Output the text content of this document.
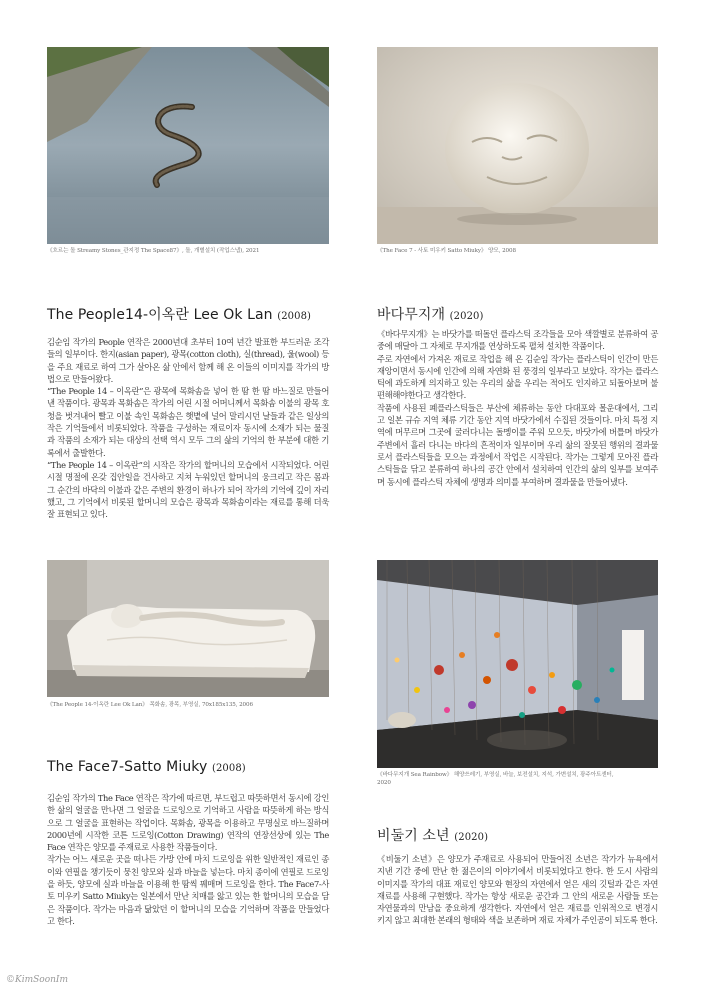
《흐르는 돌 Streamy Stones_관지정 The Space87》, 돌, 개별설치 (작업스냅), 2021	《The Face 7 - 사토 미우키 Satto Miuky》 양모, 2008
The People14-이옥란 Lee Ok Lan (2008)

김순임 작가의 People 연작은 2000년대 초부터 10여 년간 발표한 부드러운 조각들의 일부이다. 한지(asian paper), 광목(cotton cloth), 실(thread), 울(wool) 등을 주요 재료로 하여 그가 살아온 삶 안에서 함께 해 온 이들의 이미지를 작가의 방법으로 만들어왔다.

“The People 14 – 이옥란”은 광목에 목화솜을 넣어 한 땀 한 땀 바느질로 만들어낸 작품이다. 광목과 목화솜은 작가의 어린 시절 어머니께서 목화솜 이불의 광목 호청을 벗겨내어 빨고 이불 속인 목화솜은 햇볕에 널어 말리시던 날들과 같은 일상의 작은 기억들에서 비롯되었다. 작품을 구성하는 재료이자 동시에 소재가 되는 물질과 작품의 소재가 되는 대상의 선택 역시 모두 그의 삶의 기억의 한 부분에 대한 기록에서 출발한다.

“The People 14 – 이옥란”의 시작은 작가의 할머니의 모습에서 시작되었다. 어린 시절 명절에 온갖 집안일을 건사하고 지쳐 누워있던 할머니의 웅크리고 작은 몸과 그 순간의 바닥의 이불과 같은 주변의 환경이 하나가 되어 작가의 기억에 깊이 자리했고, 그 기억에서 비롯된 할머니의 모습은 광목과 목화솜이라는 재료를 통해 더욱 잘 표현되고 있다.

바다무지개 (2020)

《바다무지개》는 바닷가를 떠돌던 플라스틱 조각들을 모아 색깔별로 분류하여 공중에 매달아 그 자체로 무지개를 연상하도록 펼쳐 설치한 작품이다.

주로 자연에서 가져온 재료로 작업을 해 온 김순임 작가는 플라스틱이 인간이 만든 재앙이면서 동시에 인간에 의해 자연화 된 풍경의 일부라고 보았다. 작가는 플라스틱에 과도하게 의지하고 있는 우리의 삶을 우리는 적어도 인지하고 되돌아보며 불편해해야한다고 생각한다.

작품에 사용된 폐플라스틱들은 부산에 체류하는 동안 다대포와 몰운대에서, 그리고 일본 규슈 지역 체류 기간 동안 지역 바닷가에서 수집된 것들이다. 마치 특정 지역에 머무르며 그곳에 굴러다니는 돌멩이를 주워 모으듯, 바닷가에 버틀며 바닷가 주변에서 흘러 다니는 바다의 흔적이자 일부이며 우리 삶의 잘못된 행위의 결과물로서 플라스틱들을 모으는 과정에서 작업은 시작된다. 작가는 그렇게 모아진 플라스틱들을 닦고 분류하여 하나의 공간 안에서 설치하여 인간의 삶의 일부를 보여주며 동시에 플라스틱 자체에 생명과 의미를 부여하며 결과물을 만들어냈다.

《The People 14-이옥란 Lee Ok Lan》 목화솜, 광목, 부영실, 70x185x135, 2006
《바다무지개 Sea Rainbow》 해양쓰레기, 부영실, 바늘, 보전설치, 지석, 가변설치, 광주아트센터, 2020
The Face7-Satto Miuky (2008)

김순임 작가의 The Face 연작은 작가에 따르면, 부드럽고 따뜻하면서 동시에 강인한 삶의 얼굴을 만나면 그 얼굴을 드로잉으로 기억하고 사람을 따뜻하게 하는 방식으로 그 얼굴을 표현하는 작업이다. 목화솜, 광목을 이용하고 무명실로 바느질하며 2000년에 시작한 코튼 드로잉(Cotton Drawing) 연작의 연장선상에 있는 The Face 연작은 양모를 주재료로 사용한 작품들이다.

작가는 어느 새로운 곳을 떠나든 가방 안에 마치 드로잉을 위한 일반적인 재료인 종이와 연필을 챙기듯이 뭉친 양모와 실과 바늘을 넣는다. 마치 종이에 연필로 드로잉을 하듯, 양모에 실과 바늘을 이용해 한 땀씩 꿰매며 드로잉을 한다. The Face7-사토 미우키 Satto Miuky는 일본에서 만난 치매를 앓고 있는 한 할머니의 모습을 담은 작품이다. 작가는 마음과 닮았던 이 할머니의 모습을 기억하며 작품을 만들었다고 한다.

비둘기 소년 (2020)

《비둘기 소년》은 양모가 주재료로 사용되어 만들어진 소년은 작가가 뉴욕에서 지낸 기간 중에 만난 한 젊은이의 이야기에서 비롯되었다고 한다. 한 도시 사람의 이미지를 작가의 대표 재료인 양모와 현장의 자연에서 얻은 새의 깃털과 같은 자연 재료를 사용해 구현했다. 작가는 항상 새로운 공간과 그 안의 새로운 사람들 또는 자연물과의 만남을 중요하게 생각한다. 자연에서 얻은 재료를 인위적으로 변경시키지 않고 최대한 본래의 형태와 색을 보존하며 재료 자체가 주인공이 되도록 한다.

©KimSoonIm
